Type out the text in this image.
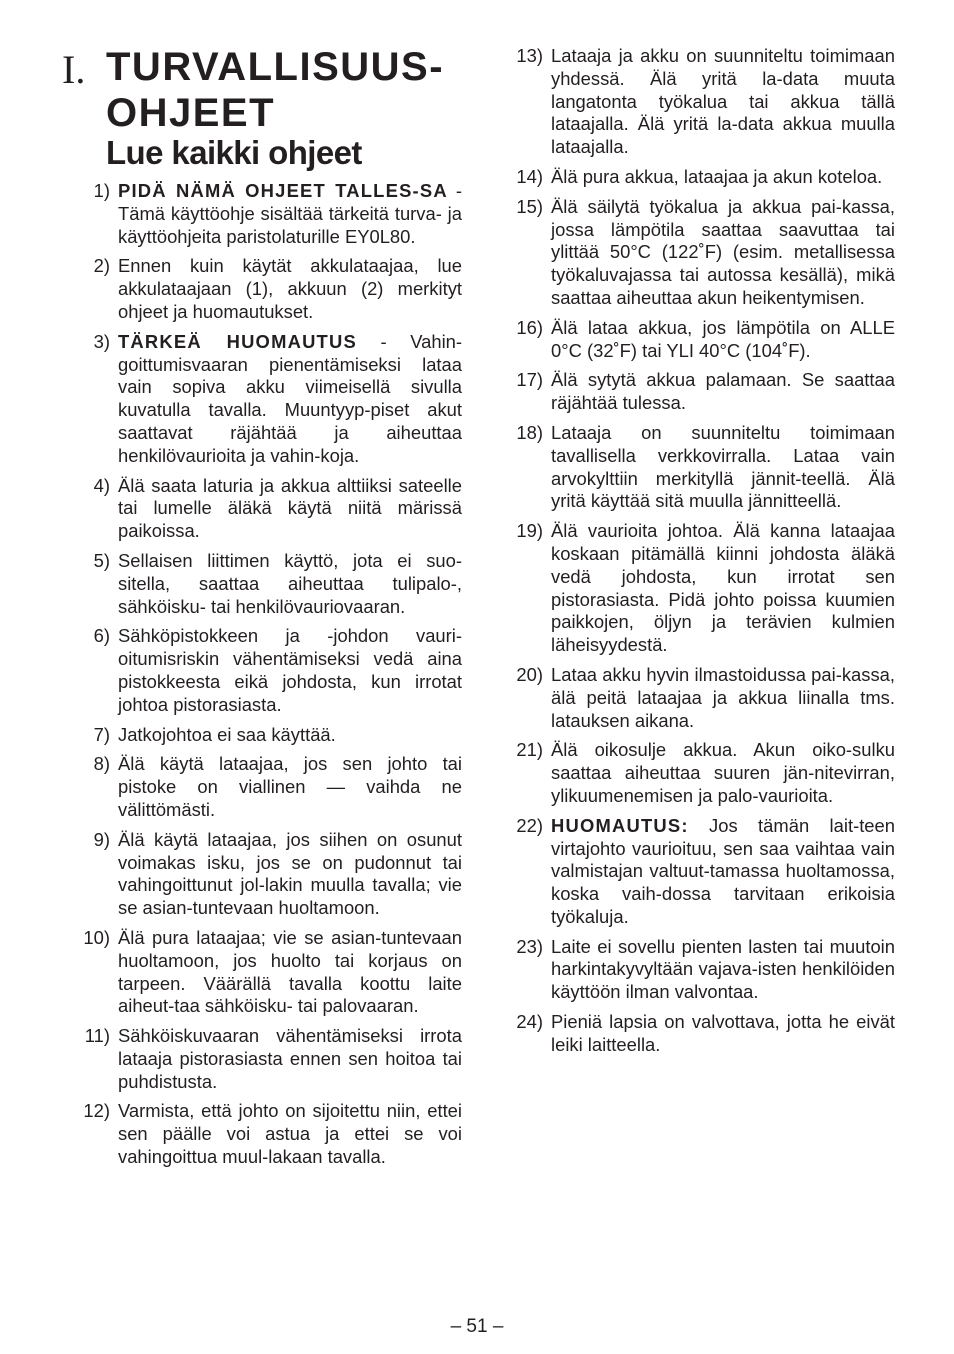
I. TURVALLISUUS-
OHJEET
Lue kaikki ohjeet
1) PIDÄ NÄMÄ OHJEET TALLES-SA - Tämä käyttöohje sisältää tärkeitä turva- ja käyttöohjeita paristolaturille EY0L80.
2) Ennen kuin käytät akkulataajaa, lue akkulataajaan (1), akkuun (2) merkityt ohjeet ja huomautukset.
3) TÄRKEÄ HUOMAUTUS - Vahin-goittumisvaaran pienentämiseksi lataa vain sopiva akku viimeisellä sivulla kuvatulla tavalla. Muuntyyp-piset akut saattavat räjähtää ja aiheuttaa henkilövaurioita ja vahin-koja.
4) Älä saata laturia ja akkua alttiiksi sateelle tai lumelle äläkä käytä niitä märissä paikoissa.
5) Sellaisen liittimen käyttö, jota ei suo-sitella, saattaa aiheuttaa tulipalo-, sähköisku- tai henkilövauriovaaran.
6) Sähköpistokkeen ja -johdon vauri-oitumisriskin vähentämiseksi vedä aina pistokkeesta eikä johdosta, kun irrotat johtoa pistorasiasta.
7) Jatkojohtoa ei saa käyttää.
8) Älä käytä lataajaa, jos sen johto tai pistoke on viallinen — vaihda ne välittömästi.
9) Älä käytä lataajaa, jos siihen on osunut voimakas isku, jos se on pudonnut tai vahingoittunut jol-lakin muulla tavalla; vie se asian-tuntevaan huoltamoon.
10) Älä pura lataajaa; vie se asian-tuntevaan huoltamoon, jos huolto tai korjaus on tarpeen. Väärällä tavalla koottu laite aiheut-taa sähköisku- tai palovaaran.
11) Sähköiskuvaaran vähentämiseksi irrota lataaja pistorasiasta ennen sen hoitoa tai puhdistusta.
12) Varmista, että johto on sijoitettu niin, ettei sen päälle voi astua ja ettei se voi vahingoittua muul-lakaan tavalla.
13) Lataaja ja akku on suunniteltu toimimaan yhdessä. Älä yritä la-data muuta langatonta työkalua tai akkua tällä lataajalla. Älä yritä la-data akkua muulla lataajalla.
14) Älä pura akkua, lataajaa ja akun koteloa.
15) Älä säilytä työkalua ja akkua pai-kassa, jossa lämpötila saattaa saavuttaa tai ylittää 50°C (122˚F) (esim. metallisessa työkaluvajassa tai autossa kesällä), mikä saattaa aiheuttaa akun heikentymisen.
16) Älä lataa akkua, jos lämpötila on ALLE 0°C (32˚F) tai YLI 40°C (104˚F).
17) Älä sytytä akkua palamaan. Se saattaa räjähtää tulessa.
18) Lataaja on suunniteltu toimimaan tavallisella verkkovirralla. Lataa vain arvokylttiin merkityllä jännit-teellä. Älä yritä käyttää sitä muulla jännitteellä.
19) Älä vaurioita johtoa. Älä kanna lataajaa koskaan pitämällä kiinni johdosta äläkä vedä johdosta, kun irrotat sen pistorasiasta. Pidä johto poissa kuumien paikkojen, öljyn ja terävien kulmien läheisyydestä.
20) Lataa akku hyvin ilmastoidussa pai-kassa, älä peitä lataajaa ja akkua liinalla tms. latauksen aikana.
21) Älä oikosulje akkua. Akun oiko-sulku saattaa aiheuttaa suuren jän-nitevirran, ylikuumenemisen ja palo-vaurioita.
22) HUOMAUTUS: Jos tämän lait-teen virtajohto vaurioituu, sen saa vaihtaa vain valmistajan valtuut-tamassa huoltamossa, koska vaih-dossa tarvitaan erikoisia työkaluja.
23) Laite ei sovellu pienten lasten tai muutoin harkintakyvyltään vajava-isten henkilöiden käyttöön ilman valvontaa.
24) Pieniä lapsia on valvottava, jotta he eivät leiki laitteella.
– 51 –
